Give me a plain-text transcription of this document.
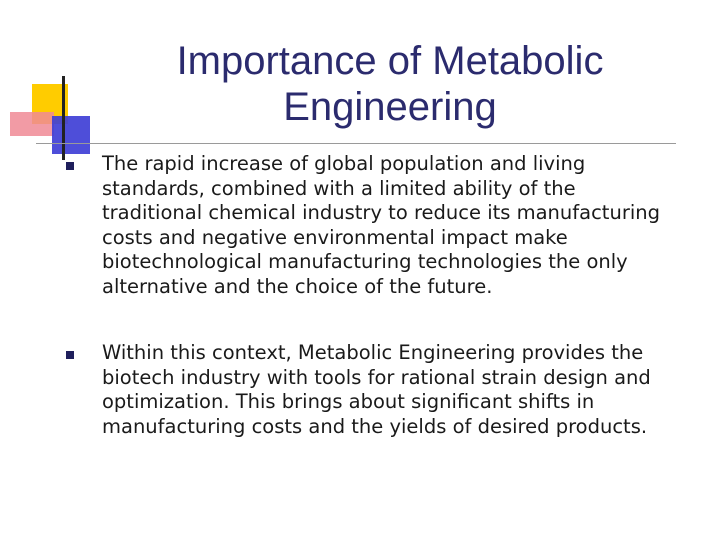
Importance of Metabolic Engineering
The rapid increase of global population and living standards, combined with a limited ability of the traditional chemical industry to reduce its manufacturing costs and negative environmental impact make biotechnological manufacturing technologies the only alternative and the choice of the future.
Within this context, Metabolic Engineering provides the biotech industry with tools for rational strain design and optimization. This brings about significant shifts in manufacturing costs and the yields of desired products.
